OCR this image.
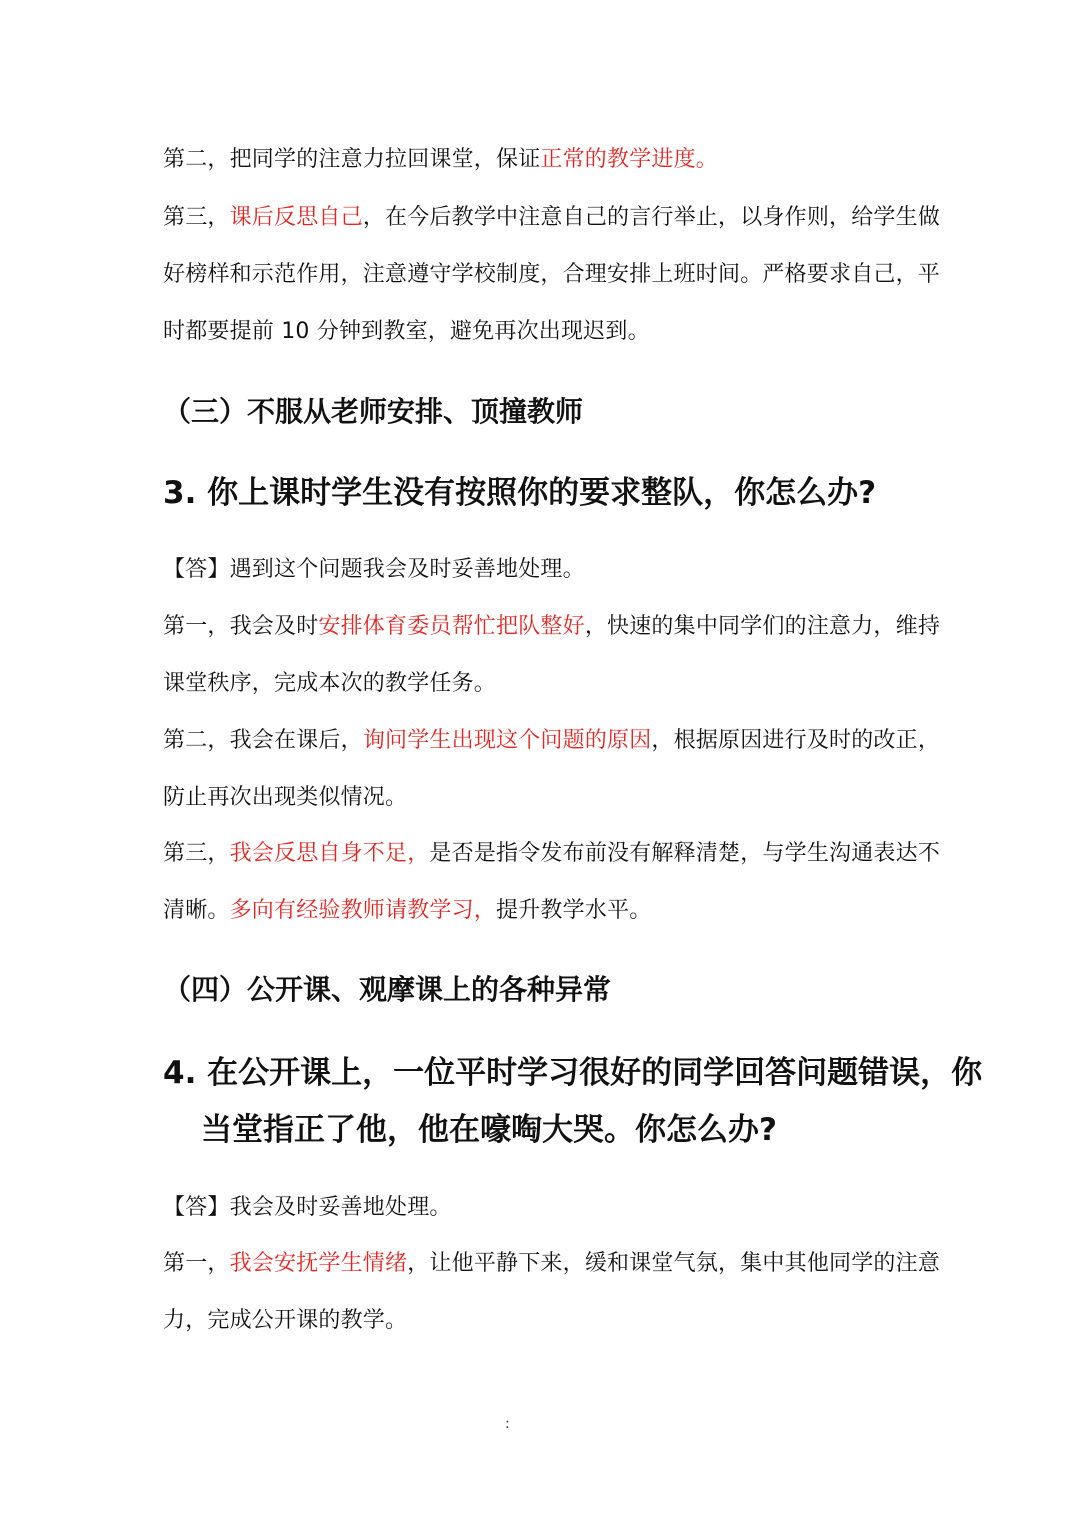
第二，把同学的注意力拉回课堂，保证正常的教学进度。
第三，课后反思自己，在今后教学中注意自己的言行举止，以身作则，给学生做
好榜样和示范作用，注意遵守学校制度，合理安排上班时间。严格要求自己，平
时都要提前 10 分钟到教室，避免再次出现迟到。
（三）不服从老师安排、顶撞教师
3. 你上课时学生没有按照你的要求整队，你怎么办?
【答】遇到这个问题我会及时妥善地处理。
第一，我会及时安排体育委员帮忙把队整好，快速的集中同学们的注意力，维持
课堂秩序，完成本次的教学任务。
第二，我会在课后，询问学生出现这个问题的原因，根据原因进行及时的改正，
防止再次出现类似情况。
第三，我会反思自身不足，是否是指令发布前没有解释清楚，与学生沟通表达不
清晰。多向有经验教师请教学习，提升教学水平。
（四）公开课、观摩课上的各种异常
4. 在公开课上，一位平时学习很好的同学回答问题错误，你
当堂指正了他，他在嚎啕大哭。你怎么办?
【答】我会及时妥善地处理。
第一，我会安抚学生情绪，让他平静下来，缓和课堂气氛，集中其他同学的注意
力，完成公开课的教学。
:
